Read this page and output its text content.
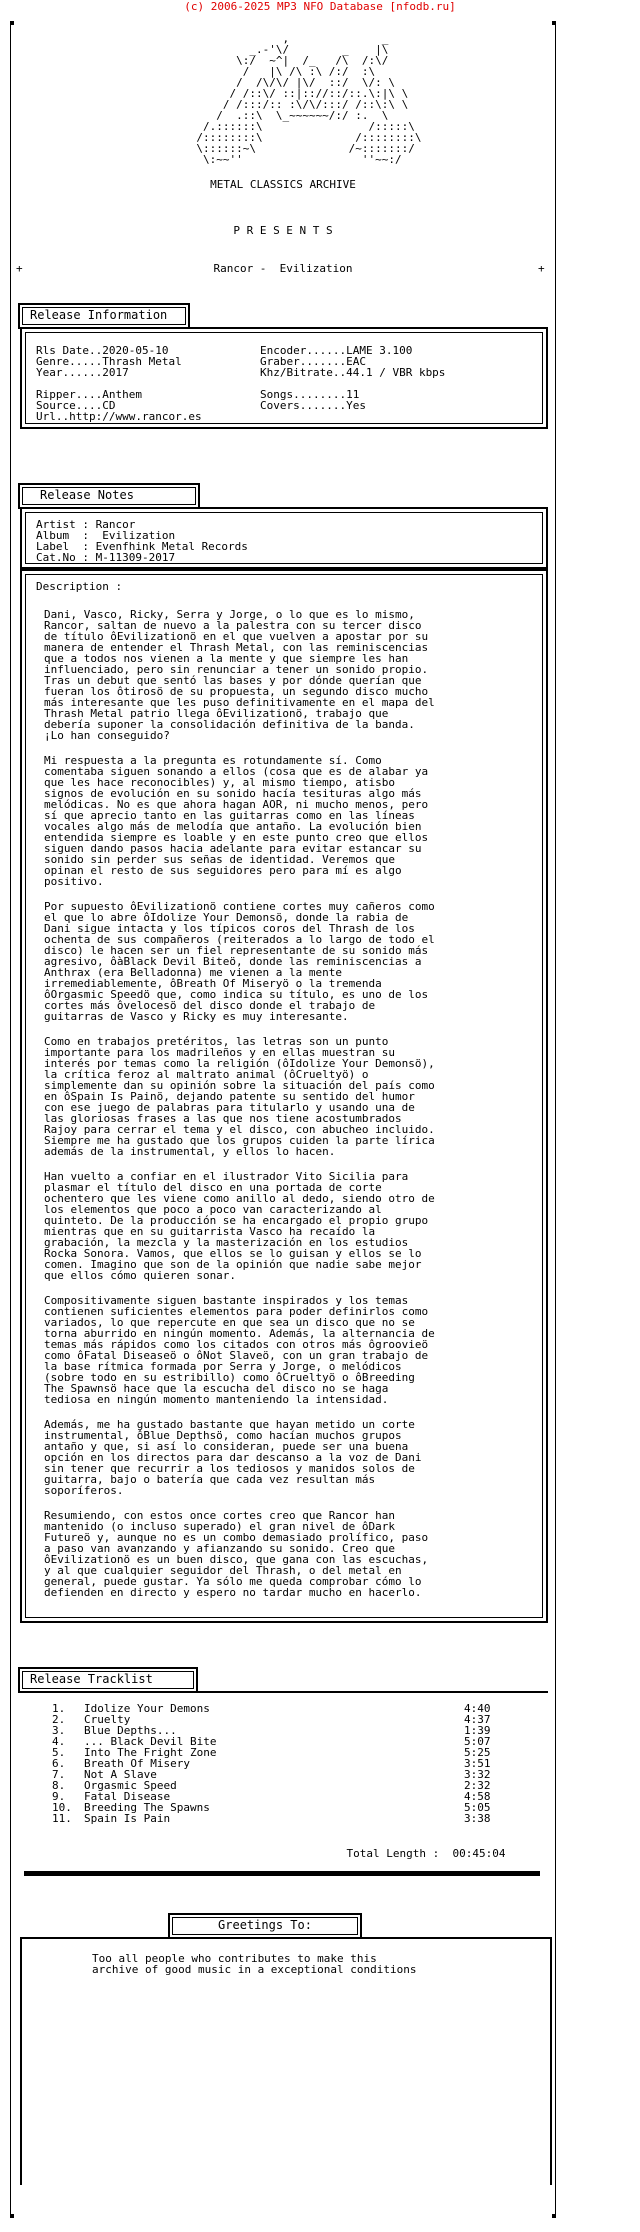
(c) 2006-2025 MP3 NFO Database [nfodb.ru]
,              _
_.-'\/        _    |\
\:/  ~^|  /_   /\  /:\/
/   |\ /\ :\ /:/  :\
/  /\/\/ |\/  ::/  \/: \
/ /::\/ ::|:://::/::.\:|\ \
/ /:::/:: :\/\/:::/ /::\:\ \
/  .::\  \_~~~~~~/:/ :.  \
/.::::::\                /:::::\
/::::::::\              /::::::::\
\::::::~\              /~:::::::/
\:~~''                  ''~~:/
METAL CLASSICS ARCHIVE
P R E S E N T S
+	Rancor -  Evilization	+
Release Information
Rls Date..2020-05-10
Genre.....Thrash Metal
Year......2017

Ripper....Anthem
Source....CD
Url..http://www.rancor.es
Encoder......LAME 3.100
Graber.......EAC
Khz/Bitrate..44.1 / VBR kbps

Songs........11
Covers.......Yes
Release Notes
Artist : Rancor
Album  :  Evilization
Label  : Evenfhink Metal Records
Cat.No : M-11309-2017
Description :
Dani, Vasco, Ricky, Serra y Jorge, o lo que es lo mismo,
Rancor, saltan de nuevo a la palestra con su tercer disco
de título ôEvilizationö en el que vuelven a apostar por su
manera de entender el Thrash Metal, con las reminiscencias
que a todos nos vienen a la mente y que siempre les han
influenciado, pero sin renunciar a tener un sonido propio.
Tras un debut que sentó las bases y por dónde querían que
fueran los ôtirosö de su propuesta, un segundo disco mucho
más interesante que les puso definitivamente en el mapa del
Thrash Metal patrio llega ôEvilizationö, trabajo que
debería suponer la consolidación definitiva de la banda.
¡Lo han conseguido?
Mi respuesta a la pregunta es rotundamente sí. Como
comentaba siguen sonando a ellos (cosa que es de alabar ya
que les hace reconocibles) y, al mismo tiempo, atisbo
signos de evolución en su sonido hacía tesituras algo más
melódicas. No es que ahora hagan AOR, ni mucho menos, pero
sí que aprecio tanto en las guitarras como en las líneas
vocales algo más de melodía que antaño. La evolución bien
entendida siempre es loable y en este punto creo que ellos
siguen dando pasos hacia adelante para evitar estancar su
sonido sin perder sus señas de identidad. Veremos que
opinan el resto de sus seguidores pero para mí es algo
positivo.
Por supuesto ôEvilizationö contiene cortes muy cañeros como
el que lo abre ôIdolize Your Demonsö, donde la rabia de
Dani sigue intacta y los típicos coros del Thrash de los
ochenta de sus compañeros (reiterados a lo largo de todo el
disco) le hacen ser un fiel representante de su sonido más
agresivo, ôàBlack Devil Biteö, donde las reminiscencias a
Anthrax (era Belladonna) me vienen a la mente
irremediablemente, ôBreath Of Miseryö o la tremenda
ôOrgasmic Speedö que, como indica su título, es uno de los
cortes más ôvelocesö del disco donde el trabajo de
guitarras de Vasco y Ricky es muy interesante.
Como en trabajos pretéritos, las letras son un punto
importante para los madrileños y en ellas muestran su
interés por temas como la religión (ôIdolize Your Demonsö),
la crítica feroz al maltrato animal (ôCrueltyö) o
simplemente dan su opinión sobre la situación del país como
en ôSpain Is Painö, dejando patente su sentido del humor
con ese juego de palabras para titularlo y usando una de
las gloriosas frases a las que nos tiene acostumbrados
Rajoy para cerrar el tema y el disco, con abucheo incluido.
Siempre me ha gustado que los grupos cuiden la parte lírica
además de la instrumental, y ellos lo hacen.
Han vuelto a confiar en el ilustrador Vito Sicilia para
plasmar el título del disco en una portada de corte
ochentero que les viene como anillo al dedo, siendo otro de
los elementos que poco a poco van caracterizando al
quinteto. De la producción se ha encargado el propio grupo
mientras que en su guitarrista Vasco ha recaído la
grabación, la mezcla y la masterización en los estudios
Rocka Sonora. Vamos, que ellos se lo guisan y ellos se lo
comen. Imagino que son de la opinión que nadie sabe mejor
que ellos cómo quieren sonar.
Compositivamente siguen bastante inspirados y los temas
contienen suficientes elementos para poder definirlos como
variados, lo que repercute en que sea un disco que no se
torna aburrido en ningún momento. Además, la alternancia de
temas más rápidos como los citados con otros más ôgroovieö
como ôFatal Diseaseö o ôNot Slaveö, con un gran trabajo de
la base rítmica formada por Serra y Jorge, o melódicos
(sobre todo en su estribillo) como ôCrueltyö o ôBreeding
The Spawnsö hace que la escucha del disco no se haga
tediosa en ningún momento manteniendo la intensidad.
Además, me ha gustado bastante que hayan metido un corte
instrumental, ôBlue Depthsö, como hacían muchos grupos
antaño y que, si así lo consideran, puede ser una buena
opción en los directos para dar descanso a la voz de Dani
sin tener que recurrir a los tediosos y manidos solos de
guitarra, bajo o batería que cada vez resultan más
soporíferos.
Resumiendo, con estos once cortes creo que Rancor han
mantenido (o incluso superado) el gran nivel de ôDark
Futureö y, aunque no es un combo demasiado prolífico, paso
a paso van avanzando y afianzando su sonido. Creo que
ôEvilizationö es un buen disco, que gana con las escuchas,
y al que cualquier seguidor del Thrash, o del metal en
general, puede gustar. Ya sólo me queda comprobar cómo lo
defienden en directo y espero no tardar mucho en hacerlo.
Release Tracklist
1. Idolize Your Demons	4:40
2. Cruelty	4:37
3. Blue Depths...	1:39
4. ... Black Devil Bite	5:07
5. Into The Fright Zone	5:25
6. Breath Of Misery	3:51
7. Not A Slave	3:32
8. Orgasmic Speed	2:32
9. Fatal Disease	4:58
10. Breeding The Spawns	5:05
11. Spain Is Pain	3:38

Total Length : 00:45:04

Greetings To:
Too all people who contributes to make this
archive of good music in a exceptional conditions
